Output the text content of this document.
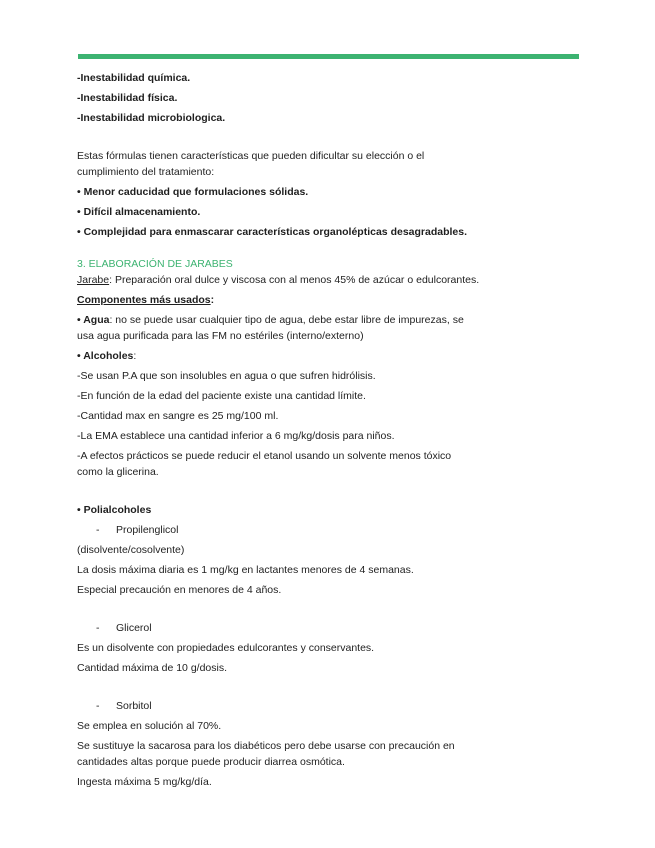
-Inestabilidad química.

-Inestabilidad física.

-Inestabilidad microbiologica.

Estas fórmulas tienen características que pueden dificultar su elección o el
cumplimiento del tratamiento:

• Menor caducidad que formulaciones sólidas.

• Difícil almacenamiento.

• Complejidad para enmascarar características organolépticas desagradables.

3. ELABORACIÓN DE JARABES

Jarabe: Preparación oral dulce y viscosa con al menos 45% de azúcar o edulcorantes.

Componentes más usados:

• Agua: no se puede usar cualquier tipo de agua, debe estar libre de impurezas, se
usa agua purificada para las FM no estériles (interno/externo)

• Alcoholes:

-Se usan P.A que son insolubles en agua o que sufren hidrólisis.

-En función de la edad del paciente existe una cantidad límite.

-Cantidad max en sangre es 25 mg/100 ml.

-La EMA establece una cantidad inferior a 6 mg/kg/dosis para niños.

-A efectos prácticos se puede reducir el etanol usando un solvente menos tóxico
como la glicerina.

• Polialcoholes

- Propilenglicol

(disolvente/cosolvente)

La dosis máxima diaria es 1 mg/kg en lactantes menores de 4 semanas.

Especial precaución en menores de 4 años.

- Glicerol

Es un disolvente con propiedades edulcorantes y conservantes.

Cantidad máxima de 10 g/dosis.

- Sorbitol

Se emplea en solución al 70%.

Se sustituye la sacarosa para los diabéticos pero debe usarse con precaución en
cantidades altas porque puede producir diarrea osmótica.

Ingesta máxima 5 mg/kg/día.
